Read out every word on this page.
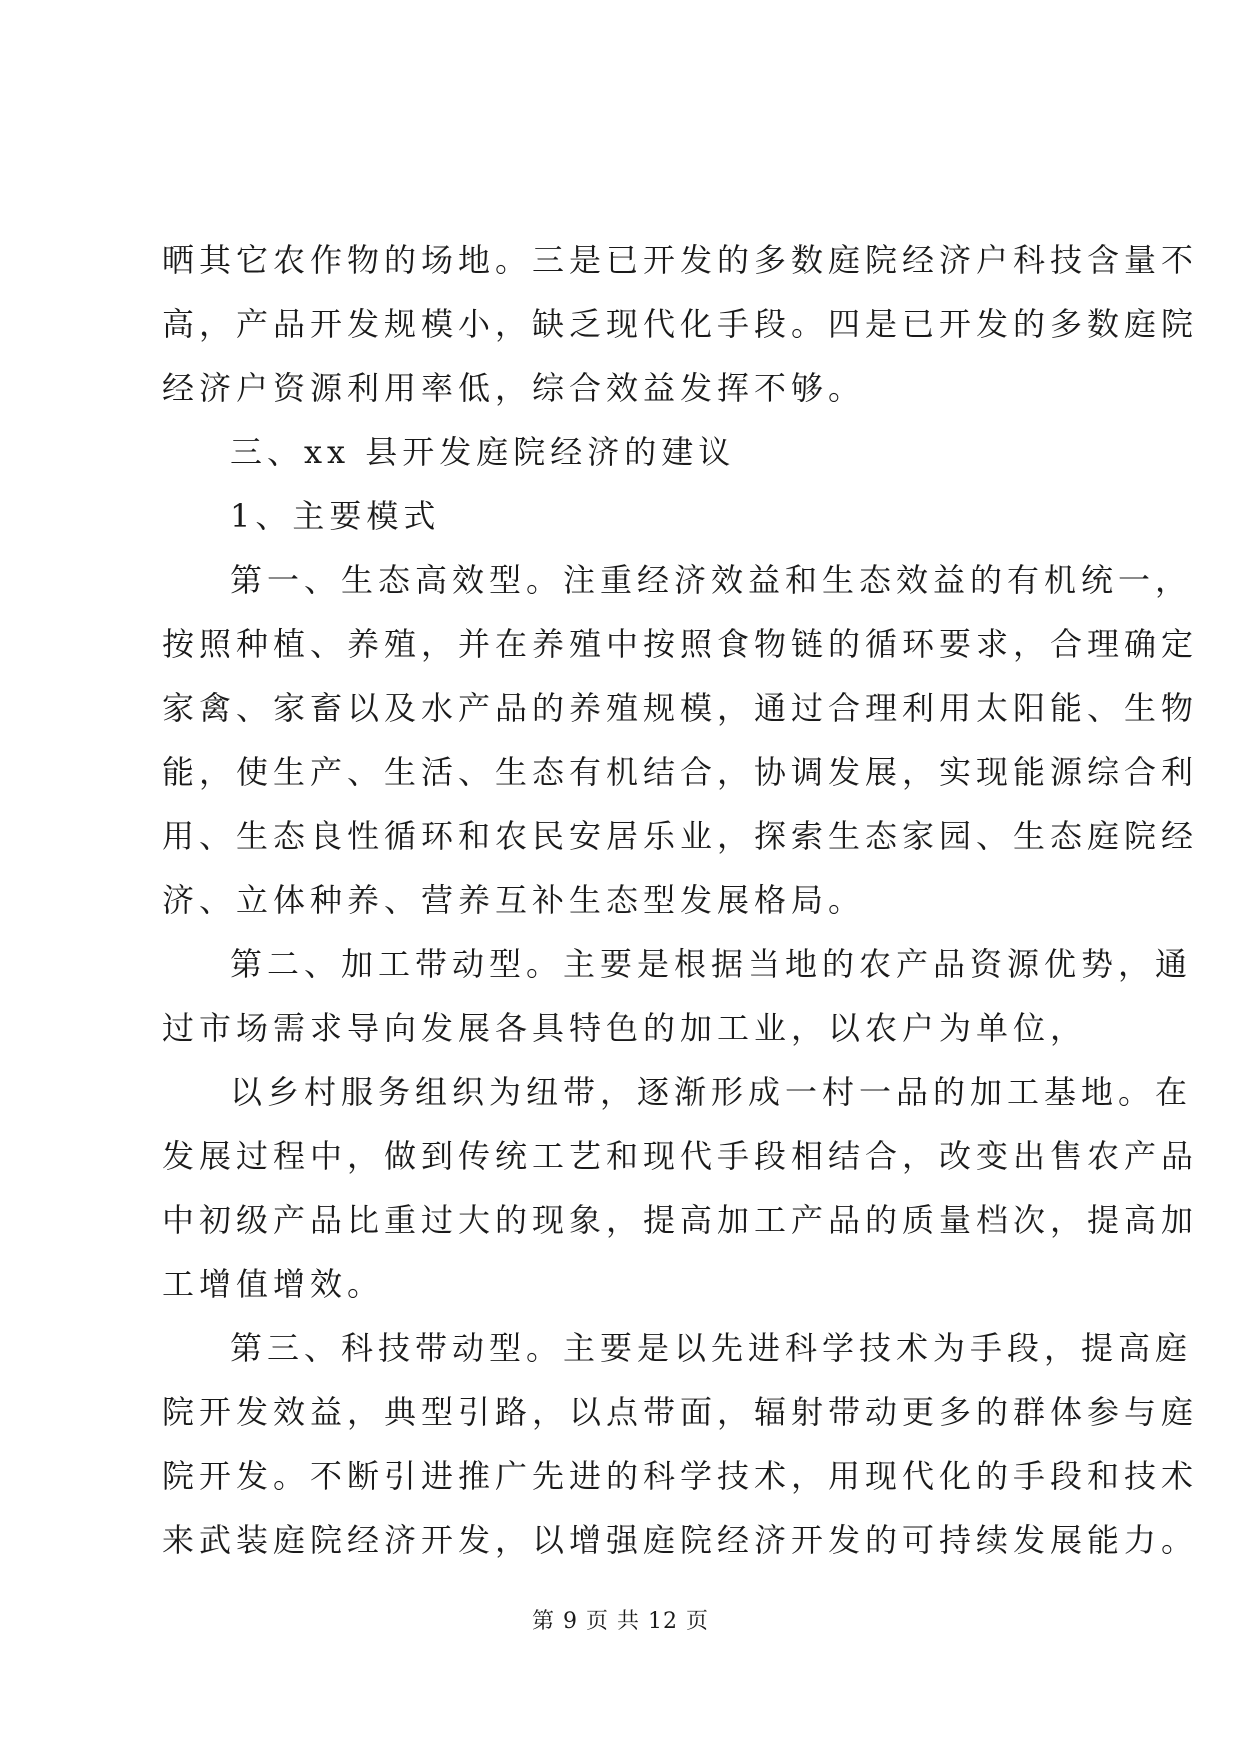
晒其它农作物的场地。三是已开发的多数庭院经济户科技含量不
高，产品开发规模小，缺乏现代化手段。四是已开发的多数庭院
经济户资源利用率低，综合效益发挥不够。

三、xx 县开发庭院经济的建议

1、主要模式

第一、生态高效型。注重经济效益和生态效益的有机统一，
按照种植、养殖，并在养殖中按照食物链的循环要求，合理确定
家禽、家畜以及水产品的养殖规模，通过合理利用太阳能、生物
能，使生产、生活、生态有机结合，协调发展，实现能源综合利
用、生态良性循环和农民安居乐业，探索生态家园、生态庭院经
济、立体种养、营养互补生态型发展格局。

第二、加工带动型。主要是根据当地的农产品资源优势，通
过市场需求导向发展各具特色的加工业，以农户为单位，

以乡村服务组织为纽带，逐渐形成一村一品的加工基地。在
发展过程中，做到传统工艺和现代手段相结合，改变出售农产品
中初级产品比重过大的现象，提高加工产品的质量档次，提高加
工增值增效。

第三、科技带动型。主要是以先进科学技术为手段，提高庭
院开发效益，典型引路，以点带面，辐射带动更多的群体参与庭
院开发。不断引进推广先进的科学技术，用现代化的手段和技术
来武装庭院经济开发，以增强庭院经济开发的可持续发展能力。

第 9 页 共 12 页
